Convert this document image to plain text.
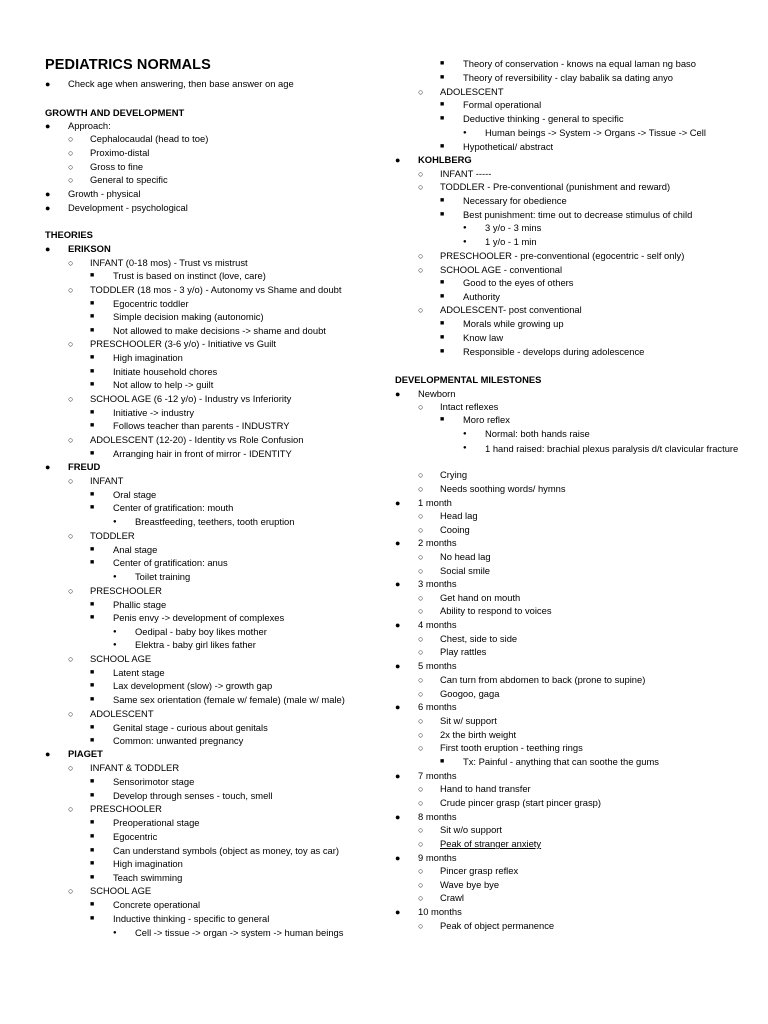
PEDIATRICS NORMALS
● Check age when answering, then base answer on age
GROWTH AND DEVELOPMENT
● Approach:
○ Cephalocaudal (head to toe)
○ Proximo-distal
○ Gross to fine
○ General to specific
● Growth - physical
● Development - psychological
THEORIES
● ERIKSON
○ INFANT (0-18 mos) - Trust vs mistrust
■ Trust is based on instinct (love, care)
○ TODDLER (18 mos - 3 y/o) - Autonomy vs Shame and doubt
■ Egocentric toddler
■ Simple decision making (autonomic)
■ Not allowed to make decisions -> shame and doubt
○ PRESCHOOLER (3-6 y/o) - Initiative vs Guilt
■ High imagination
■ Initiate household chores
■ Not allow to help -> guilt
○ SCHOOL AGE (6 -12 y/o) - Industry vs Inferiority
■ Initiative -> industry
■ Follows teacher than parents - INDUSTRY
○ ADOLESCENT (12-20) - Identity vs Role Confusion
■ Arranging hair in front of mirror - IDENTITY
● FREUD
○ INFANT
■ Oral stage
■ Center of gratification: mouth
● Breastfeeding, teethers, tooth eruption
○ TODDLER
■ Anal stage
■ Center of gratification: anus
● Toilet training
○ PRESCHOOLER
■ Phallic stage
■ Penis envy -> development of complexes
● Oedipal - baby boy likes mother
● Elektra - baby girl likes father
○ SCHOOL AGE
■ Latent stage
■ Lax development (slow) -> growth gap
■ Same sex orientation (female w/ female) (male w/ male)
○ ADOLESCENT
■ Genital stage - curious about genitals
■ Common: unwanted pregnancy
● PIAGET
○ INFANT & TODDLER
■ Sensorimotor stage
■ Develop through senses - touch, smell
○ PRESCHOOLER
■ Preoperational stage
■ Egocentric
■ Can understand symbols (object as money, toy as car)
■ High imagination
■ Teach swimming
○ SCHOOL AGE
■ Concrete operational
■ Inductive thinking - specific to general
● Cell -> tissue -> organ -> system -> human beings
■ Theory of conservation - knows na equal laman ng baso
■ Theory of reversibility - clay babalik sa dating anyo
○ ADOLESCENT
■ Formal operational
■ Deductive thinking - general to specific
● Human beings -> System -> Organs -> Tissue -> Cell
■ Hypothetical/ abstract
● KOHLBERG
○ INFANT -----
○ TODDLER - Pre-conventional (punishment and reward)
■ Necessary for obedience
■ Best punishment: time out to decrease stimulus of child
● 3 y/o - 3 mins
● 1 y/o - 1 min
○ PRESCHOOLER - pre-conventional (egocentric - self only)
○ SCHOOL AGE - conventional
■ Good to the eyes of others
■ Authority
○ ADOLESCENT- post conventional
■ Morals while growing up
■ Know law
■ Responsible - develops during adolescence
DEVELOPMENTAL MILESTONES
● Newborn
○ Intact reflexes
■ Moro reflex
● Normal: both hands raise
● 1 hand raised: brachial plexus paralysis d/t clavicular fracture
○ Crying
○ Needs soothing words/ hymns
● 1 month
○ Head lag
○ Cooing
● 2 months
○ No head lag
○ Social smile
● 3 months
○ Get hand on mouth
○ Ability to respond to voices
● 4 months
○ Chest, side to side
○ Play rattles
● 5 months
○ Can turn from abdomen to back (prone to supine)
○ Googoo, gaga
● 6 months
○ Sit w/ support
○ 2x the birth weight
○ First tooth eruption - teething rings
■ Tx: Painful - anything that can soothe the gums
● 7 months
○ Hand to hand transfer
○ Crude pincer grasp (start pincer grasp)
● 8 months
○ Sit w/o support
○ Peak of stranger anxiety
● 9 months
○ Pincer grasp reflex
○ Wave bye bye
○ Crawl
● 10 months
○ Peak of object permanence
